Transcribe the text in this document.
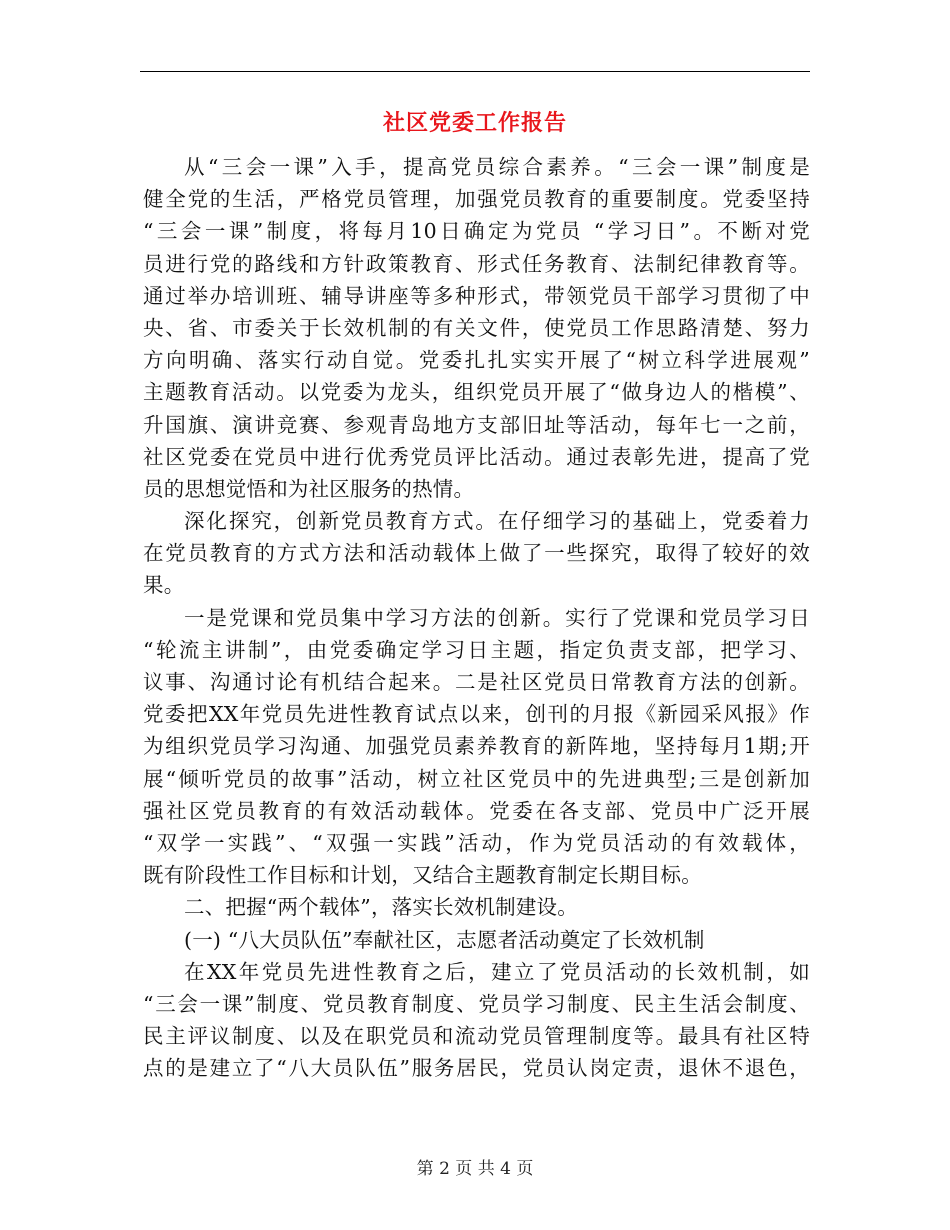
社区党委工作报告
从“三会一课”入手，提高党员综合素养。“三会一课”制度是
健全党的生活，严格党员管理，加强党员教育的重要制度。党委坚持
“三会一课”制度，将每月10日确定为党员 “学习日”。不断对党
员进行党的路线和方针政策教育、形式任务教育、法制纪律教育等。
通过举办培训班、辅导讲座等多种形式，带领党员干部学习贯彻了中
央、省、市委关于长效机制的有关文件，使党员工作思路清楚、努力
方向明确、落实行动自觉。党委扎扎实实开展了“树立科学进展观”
主题教育活动。以党委为龙头，组织党员开展了“做身边人的楷模”、
升国旗、演讲竞赛、参观青岛地方支部旧址等活动，每年七一之前，
社区党委在党员中进行优秀党员评比活动。通过表彰先进，提高了党
员的思想觉悟和为社区服务的热情。
深化探究，创新党员教育方式。在仔细学习的基础上，党委着力
在党员教育的方式方法和活动载体上做了一些探究，取得了较好的效
果。
一是党课和党员集中学习方法的创新。实行了党课和党员学习日
“轮流主讲制”，由党委确定学习日主题，指定负责支部，把学习、
议事、沟通讨论有机结合起来。二是社区党员日常教育方法的创新。
党委把XX年党员先进性教育试点以来，创刊的月报《新园采风报》作
为组织党员学习沟通、加强党员素养教育的新阵地，坚持每月1期;开
展“倾听党员的故事”活动，树立社区党员中的先进典型;三是创新加
强社区党员教育的有效活动载体。党委在各支部、党员中广泛开展
“双学一实践”、“双强一实践”活动，作为党员活动的有效载体，
既有阶段性工作目标和计划，又结合主题教育制定长期目标。
二、把握“两个载体”，落实长效机制建设。
(一) “八大员队伍”奉献社区，志愿者活动奠定了长效机制
在XX年党员先进性教育之后，建立了党员活动的长效机制，如
“三会一课”制度、党员教育制度、党员学习制度、民主生活会制度、
民主评议制度、以及在职党员和流动党员管理制度等。最具有社区特
点的是建立了“八大员队伍”服务居民，党员认岗定责，退休不退色，
第 2 页 共 4 页
